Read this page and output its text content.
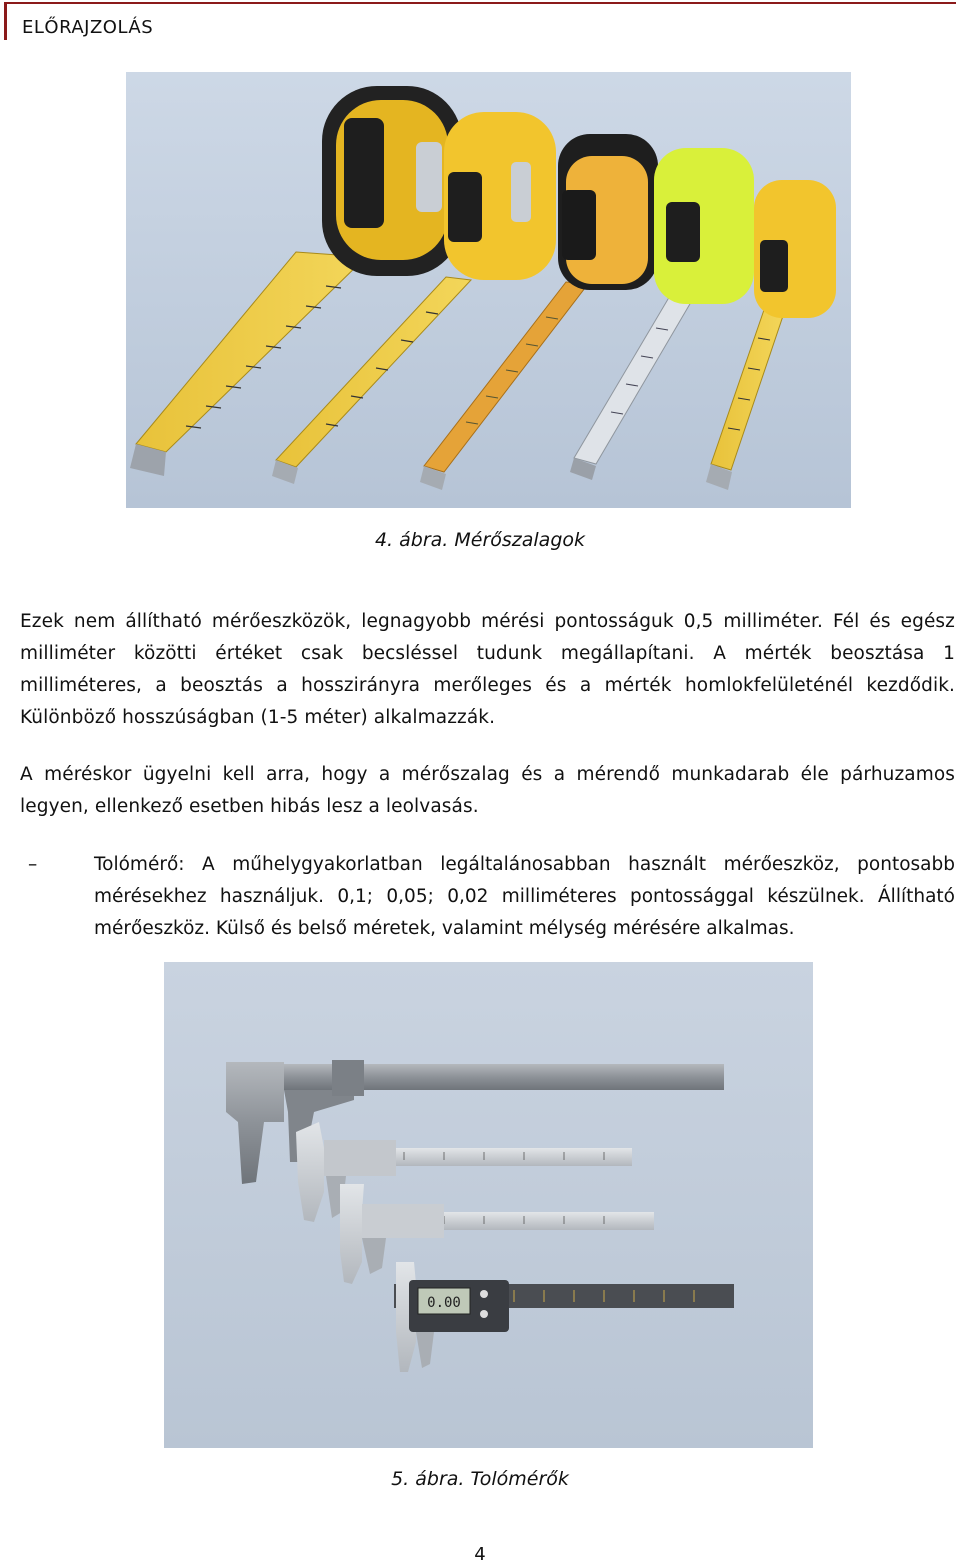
ELŐRAJZOLÁS
4. ábra. Mérőszalagok

Ezek nem állítható mérőeszközök, legnagyobb mérési pontosságuk 0,5 milliméter. Fél és egész milliméter közötti értéket csak becsléssel tudunk megállapítani. A mérték beosztása 1 milliméteres, a beosztás a hosszirányra merőleges és a mérték homlokfelületénél kezdődik. Különböző hosszúságban (1-5 méter) alkalmazzák.

A méréskor ügyelni kell arra, hogy a mérőszalag és a mérendő munkadarab éle párhuzamos legyen, ellenkező esetben hibás lesz a leolvasás.

–	Tolómérő: A műhelygyakorlatban legáltalánosabban használt mérőeszköz, pontosabb mérésekhez használjuk. 0,1; 0,05; 0,02 milliméteres pontossággal készülnek. Állítható mérőeszköz. Külső és belső méretek, valamint mélység mérésére alkalmas.

0.00
5. ábra. Tolómérők
4
